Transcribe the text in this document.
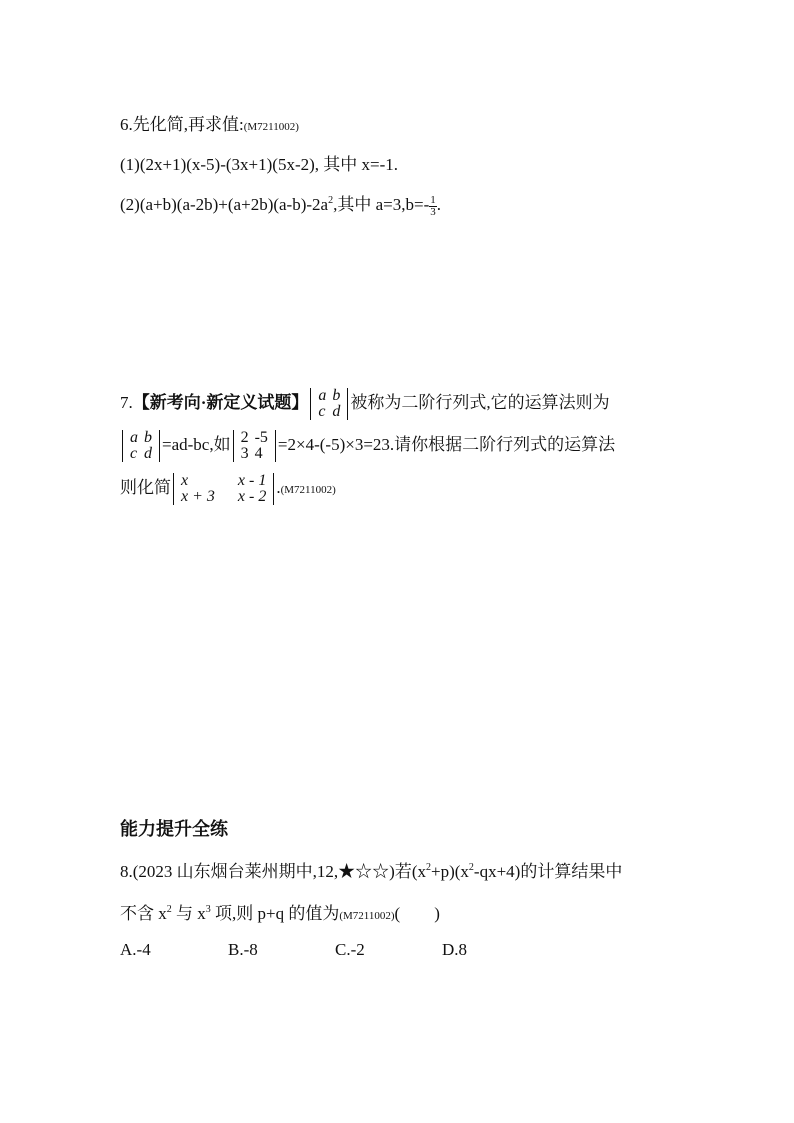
6.先化简,再求值:(M7211002)
(1)(2x+1)(x-5)-(3x+1)(5x-2), 其中 x=-1.
$(2)(a+b)(a-2b)+(a+2b)(a-b)-2a^2$,其中 $a=3,b=- \frac{1}{3}$ .
7.【新考向·新定义试题】 a	b
c	d 被称为二阶行列式,它的运算法则为
a	b
c	d =ad-bc,如 2	-5
3	4 =2×4-(-5)×3=23.请你根据二阶行列式的运算法
则化简 x	x - 1
x + 3	x - 2 .(M7211002)
能力提升全练
8.(2023 山东烟台莱州期中,12,★☆☆)若$(x^2+p)(x^2-qx+4)$的计算结果中
不含 $x^2$ 与 $x^3$ 项,则 p+q 的值为(M7211002)(　　)
A.-4	B.-8	C.-2	D.8
